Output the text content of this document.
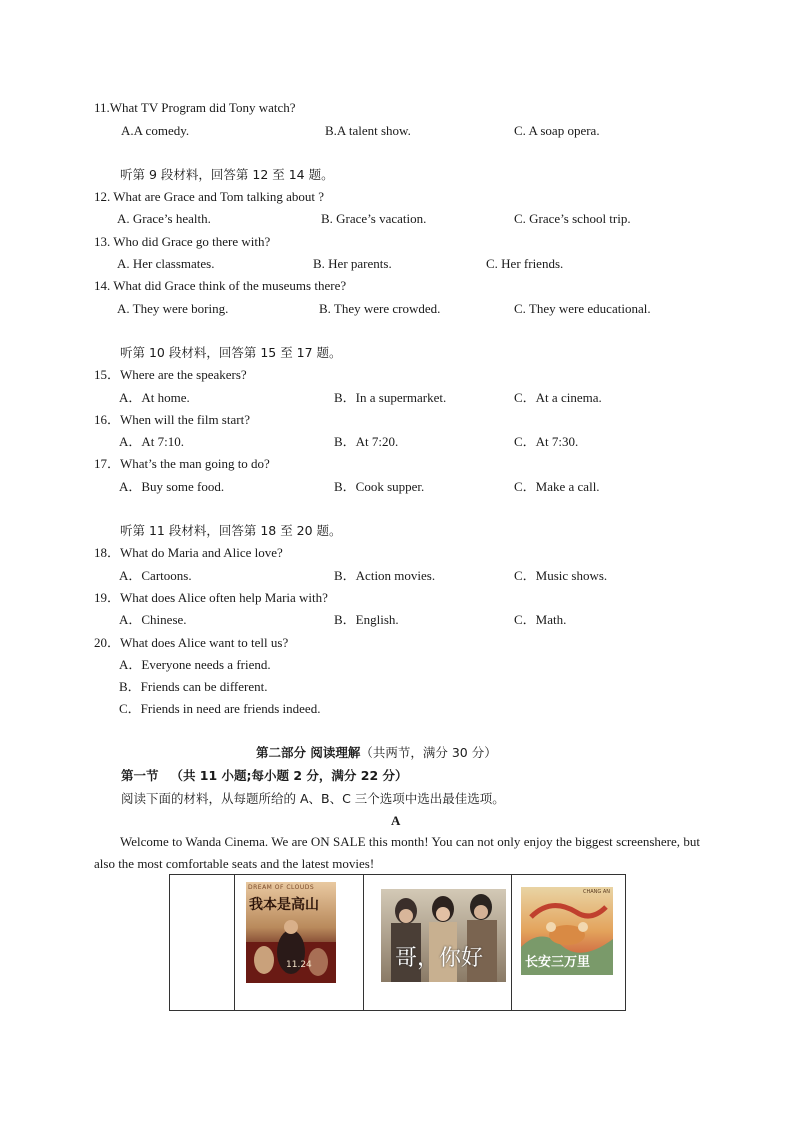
11.What TV Program did Tony watch?
A.A comedy.	B.A talent show.	C. A soap opera.
听第 9 段材料，回答第 12 至 14 题。
12. What are Grace and Tom talking about ?
A. Grace’s health.	B. Grace’s vacation.	C. Grace’s school trip.
13. Who did Grace go there with?
A. Her classmates.	B. Her parents.	C. Her friends.
14. What did Grace think of the museums there?
A. They were boring.	B. They were crowded.	C. They were educational.
听第 10 段材料，回答第 15 至 17 题。
15．Where are the speakers?
A．At home.	B．In a supermarket.	C．At a cinema.
16．When will the film start?
A．At 7:10.	B．At 7:20.	C．At 7:30.
17．What’s the man going to do?
A．Buy some food.	B．Cook supper.	C．Make a call.
听第 11 段材料，回答第 18 至 20 题。
18．What do Maria and Alice love?
A．Cartoons.	B．Action movies.	C．Music shows.
19．What does Alice often help Maria with?
A．Chinese.	B．English.	C．Math.
20．What does Alice want to tell us?
A．Everyone needs a friend.
B．Friends can be different.
C．Friends in need are friends indeed.
第二部分 阅读理解（共两节，满分 30 分）
第一节 （共 11 小题;每小题 2 分，满分 22 分）
阅读下面的材料，从每题所给的 A、B、C 三个选项中选出最佳选项。
A
Welcome to Wanda Cinema. We are ON SALE this month! You can not only enjoy the biggest screenshere, but also the most comfortable seats and the latest movies!

DREAM OF CLOUDS
我本是高山
11.24	哥，你好	长安三万里
CHANG AN
